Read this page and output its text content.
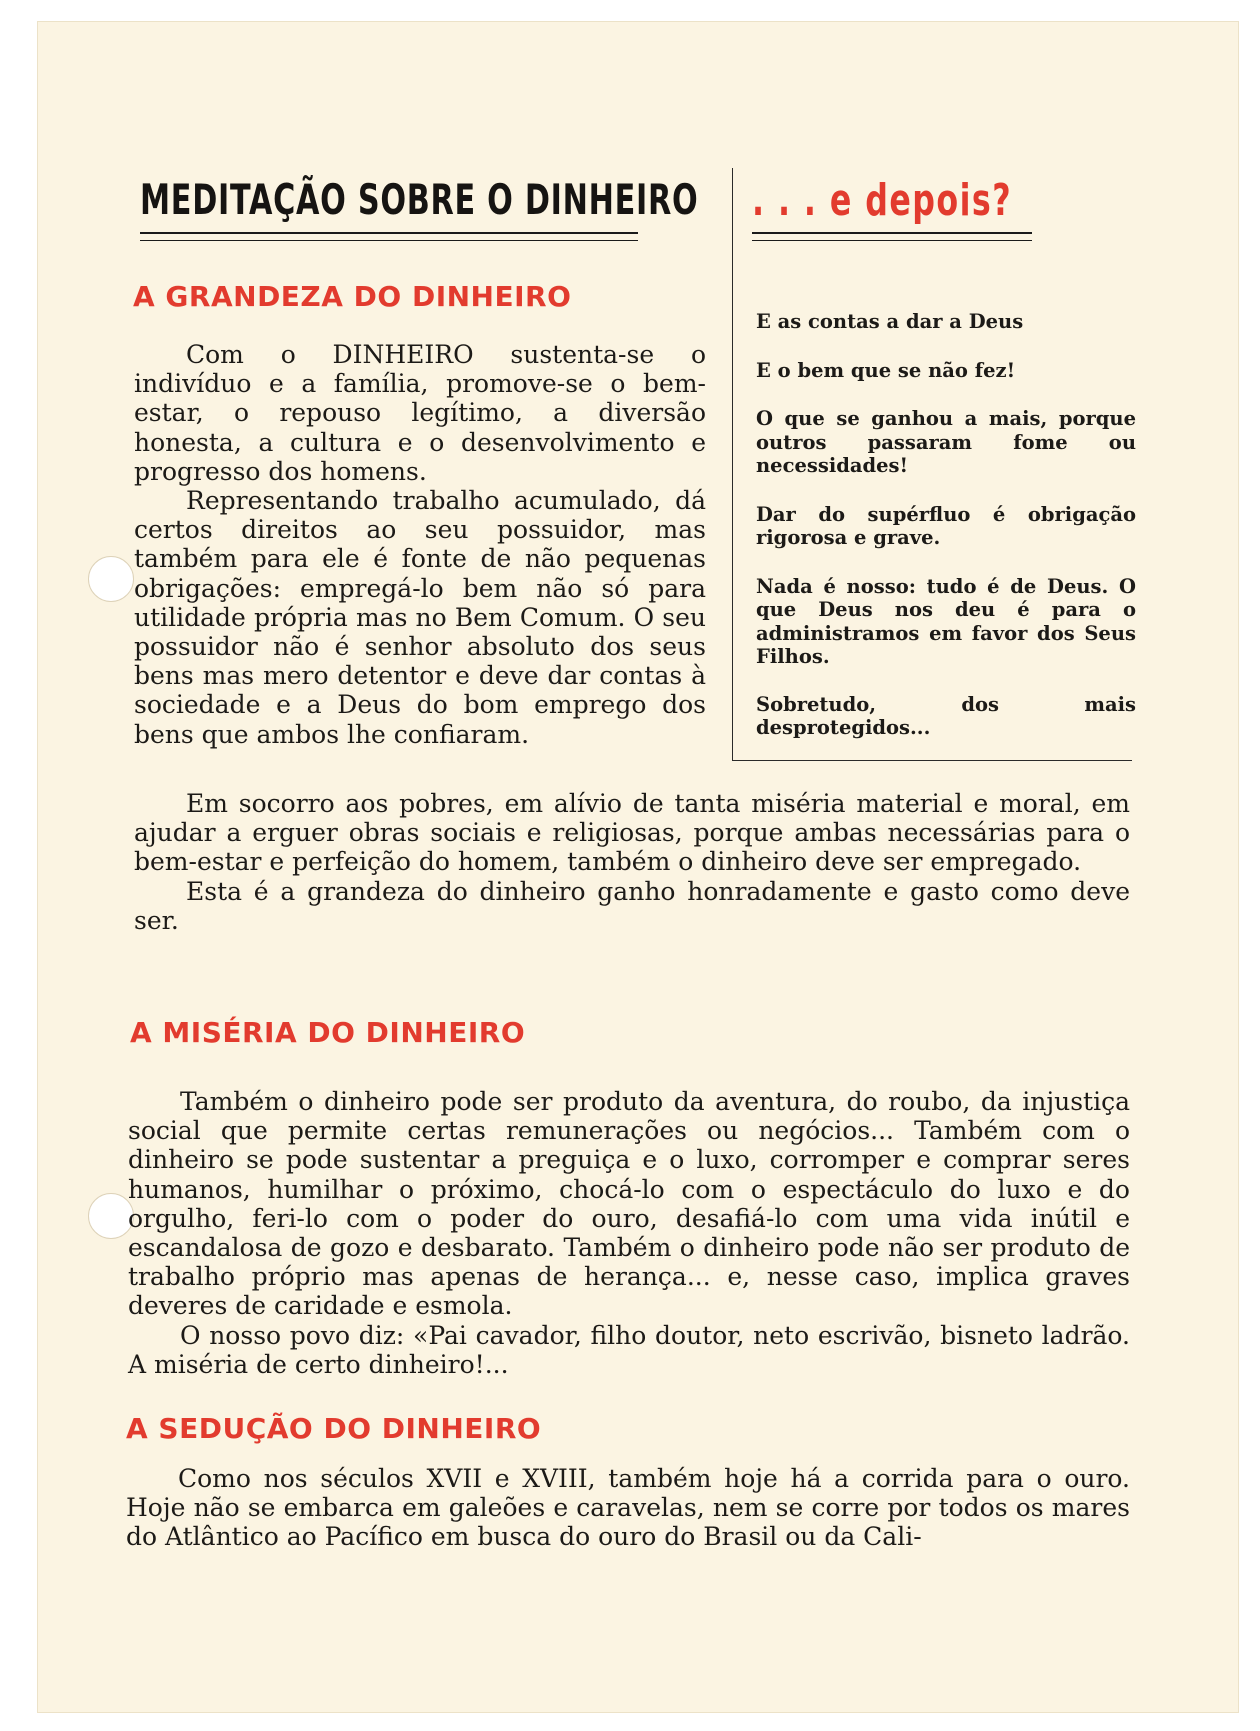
MEDITAÇÃO SOBRE O DINHEIRO . . . e depois?
A GRANDEZA DO DINHEIRO

Com o DINHEIRO sustenta-se o indivíduo e a família, promove-se o bem-estar, o repouso legítimo, a diversão honesta, a cultura e o desenvolvimento e progresso dos homens.

Representando trabalho acumulado, dá certos direitos ao seu possuidor, mas também para ele é fonte de não pequenas obrigações: empregá-lo bem não só para utilidade própria mas no Bem Comum. O seu possuidor não é senhor absoluto dos seus bens mas mero detentor e deve dar contas à sociedade e a Deus do bom emprego dos bens que ambos lhe confiaram.

Em socorro aos pobres, em alívio de tanta miséria material e moral, em ajudar a erguer obras sociais e religiosas, porque ambas necessárias para o bem-estar e perfeição do homem, também o dinheiro deve ser empregado.

Esta é a grandeza do dinheiro ganho honradamente e gasto como deve ser.

E as contas a dar a Deus

E o bem que se não fez!

O que se ganhou a mais, porque outros passaram fome ou necessidades!

Dar do supérfluo é obrigação rigorosa e grave.

Nada é nosso: tudo é de Deus. O que Deus nos deu é para o administramos em favor dos Seus Filhos.

Sobretudo, dos mais desprotegidos...

A MISÉRIA DO DINHEIRO

Também o dinheiro pode ser produto da aventura, do roubo, da injustiça social que permite certas remunerações ou negócios... Também com o dinheiro se pode sustentar a preguiça e o luxo, corromper e comprar seres humanos, humilhar o próximo, chocá-lo com o espectáculo do luxo e do orgulho, feri-lo com o poder do ouro, desafiá-lo com uma vida inútil e escandalosa de gozo e desbarato. Também o dinheiro pode não ser produto de trabalho próprio mas apenas de herança... e, nesse caso, implica graves deveres de caridade e esmola.

O nosso povo diz: «Pai cavador, filho doutor, neto escrivão, bisneto ladrão. A miséria de certo dinheiro!...

A SEDUÇÃO DO DINHEIRO

Como nos séculos XVII e XVIII, também hoje há a corrida para o ouro. Hoje não se embarca em galeões e caravelas, nem se corre por todos os mares do Atlântico ao Pacífico em busca do ouro do Brasil ou da Cali-
